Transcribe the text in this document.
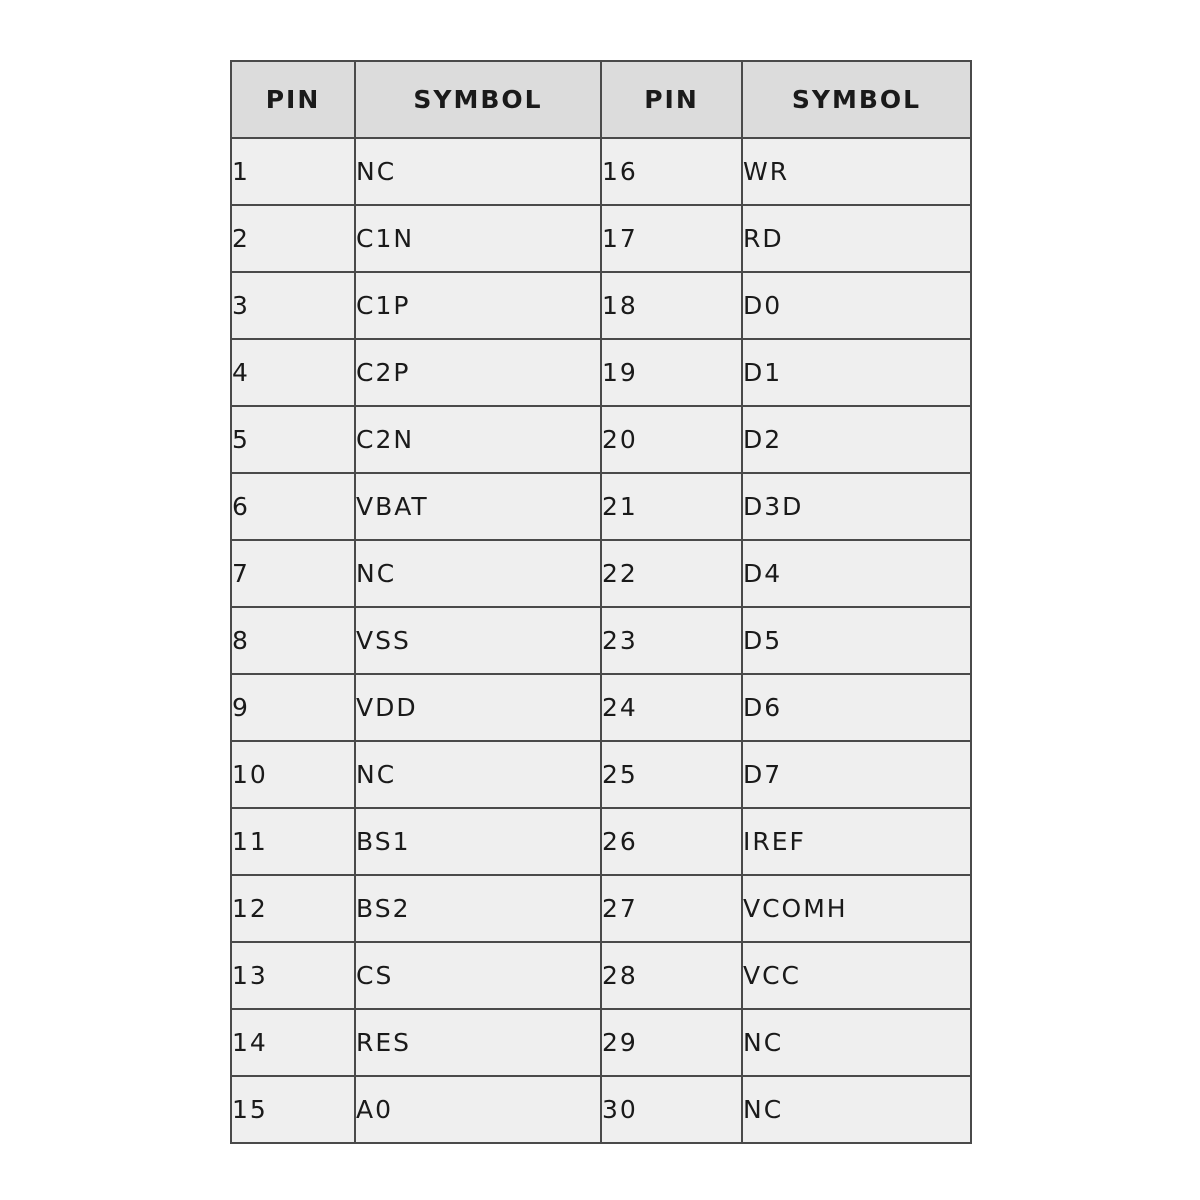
PIN	SYMBOL	PIN	SYMBOL
1	NC	16	WR
2	C1N	17	RD
3	C1P	18	D0
4	C2P	19	D1
5	C2N	20	D2
6	VBAT	21	D3D
7	NC	22	D4
8	VSS	23	D5
9	VDD	24	D6
10	NC	25	D7
11	BS1	26	IREF
12	BS2	27	VCOMH
13	CS	28	VCC
14	RES	29	NC
15	A0	30	NC
